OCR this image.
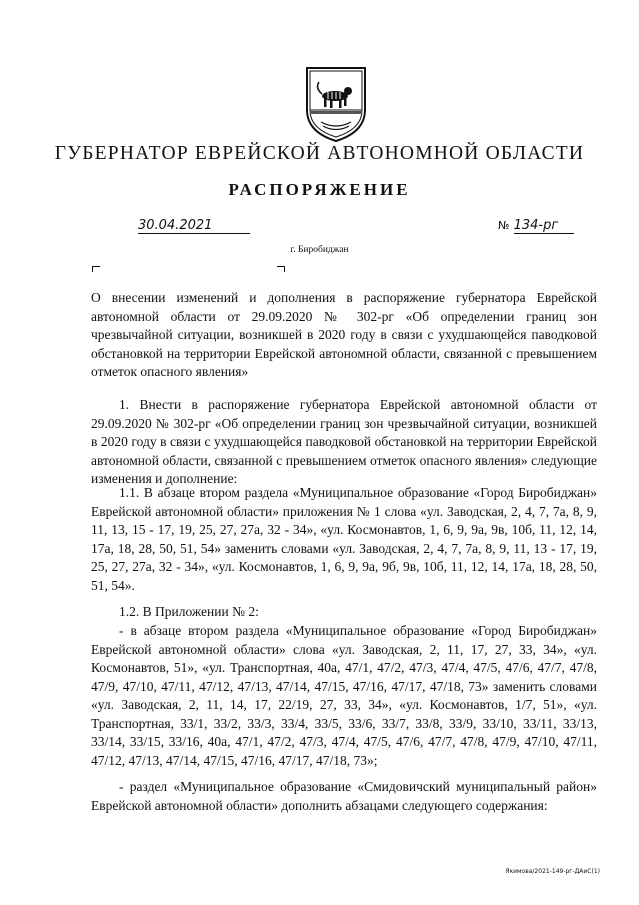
ГУБЕРНАТОР ЕВРЕЙСКОЙ АВТОНОМНОЙ ОБЛАСТИ
РАСПОРЯЖЕНИЕ
30.04.2021	№ 134-рг
г. Биробиджан
О внесении изменений и дополнения в распоряжение губернатора Еврейской автономной области от 29.09.2020 № 302-рг «Об определении границ зон чрезвычайной ситуации, возникшей в 2020 году в связи с ухудшающейся паводковой обстановкой на территории Еврейской автономной области, связанной с превышением отметок опасного явления»
1. Внести в распоряжение губернатора Еврейской автономной области от 29.09.2020 № 302-рг «Об определении границ зон чрезвычайной ситуации, возникшей в 2020 году в связи с ухудшающейся паводковой обстановкой на территории Еврейской автономной области, связанной с превышением отметок опасного явления» следующие изменения и дополнение:
1.1. В абзаце втором раздела «Муниципальное образование «Город Биробиджан» Еврейской автономной области» приложения № 1 слова «ул. Заводская, 2, 4, 7, 7а, 8, 9, 11, 13, 15 - 17, 19, 25, 27, 27а, 32 - 34», «ул. Космонавтов, 1, 6, 9, 9а, 9в, 10б, 11, 12, 14, 17а, 18, 28, 50, 51, 54» заменить словами «ул. Заводская, 2, 4, 7, 7а, 8, 9, 11, 13 - 17, 19, 25, 27, 27а, 32 - 34», «ул. Космонавтов, 1, 6, 9, 9а, 9б, 9в, 10б, 11, 12, 14, 17а, 18, 28, 50, 51, 54».
1.2. В Приложении № 2:
- в абзаце втором раздела «Муниципальное образование «Город Биробиджан» Еврейской автономной области» слова «ул. Заводская, 2, 11, 17, 27, 33, 34», «ул. Космонавтов, 51», «ул. Транспортная, 40а, 47/1, 47/2, 47/3, 47/4, 47/5, 47/6, 47/7, 47/8, 47/9, 47/10, 47/11, 47/12, 47/13, 47/14, 47/15, 47/16, 47/17, 47/18, 73» заменить словами «ул. Заводская, 2, 11, 14, 17, 22/19, 27, 33, 34», «ул. Космонавтов, 1/7, 51», «ул. Транспортная, 33/1, 33/2, 33/3, 33/4, 33/5, 33/6, 33/7, 33/8, 33/9, 33/10, 33/11, 33/13, 33/14, 33/15, 33/16, 40а, 47/1, 47/2, 47/3, 47/4, 47/5, 47/6, 47/7, 47/8, 47/9, 47/10, 47/11, 47/12, 47/13, 47/14, 47/15, 47/16, 47/17, 47/18, 73»;
- раздел «Муниципальное образование «Смидовичский муниципальный район» Еврейской автономной области» дополнить абзацами следующего содержания:
Якимова/2021-149-рг-ДАиС(1)
